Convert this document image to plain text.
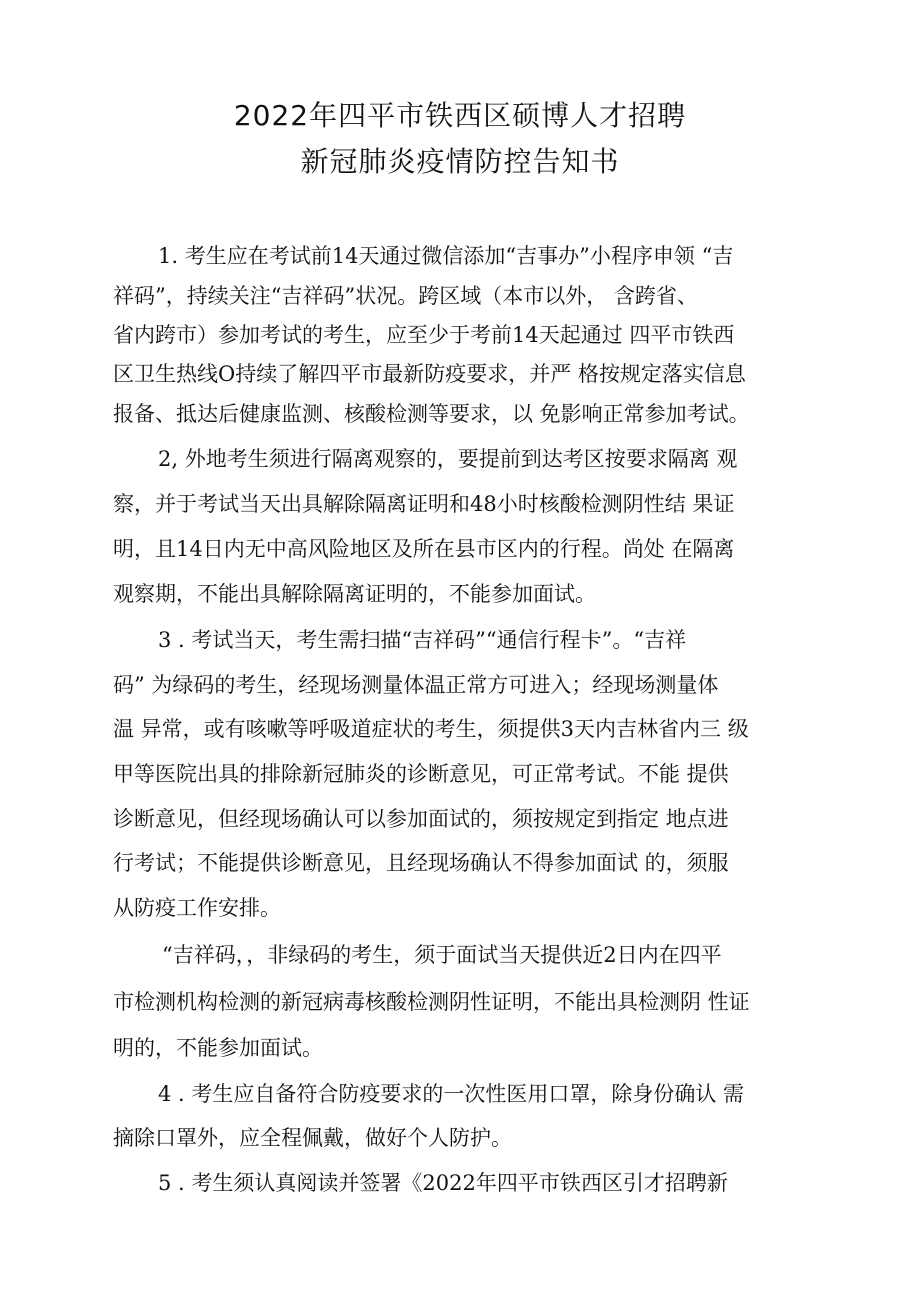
2022年四平市铁西区硕博人才招聘
新冠肺炎疫情防控告知书
1. 考生应在考试前14天通过微信添加“吉事办”小程序申领 “吉
祥码”，持续关注“吉祥码”状况。跨区域（本市以外， 含跨省、
省内跨市）参加考试的考生，应至少于考前14天起通过 四平市铁西
区卫生热线O持续了解四平市最新防疫要求，并严 格按规定落实信息
报备、抵达后健康监测、核酸检测等要求，以 免影响正常参加考试。
2, 外地考生须进行隔离观察的，要提前到达考区按要求隔离 观
察，并于考试当天出具解除隔离证明和48小时核酸检测阴性结 果证
明，且14日内无中高风险地区及所在县市区内的行程。尚处 在隔离
观察期，不能出具解除隔离证明的，不能参加面试。
3 . 考试当天，考生需扫描“吉祥码”“通信行程卡”。“吉祥
码” 为绿码的考生，经现场测量体温正常方可进入；经现场测量体
温 异常，或有咳嗽等呼吸道症状的考生，须提供3天内吉林省内三 级
甲等医院出具的排除新冠肺炎的诊断意见，可正常考试。不能 提供
诊断意见，但经现场确认可以参加面试的，须按规定到指定 地点进
行考试；不能提供诊断意见，且经现场确认不得参加面试 的，须服
从防疫工作安排。
“吉祥码，，非绿码的考生，须于面试当天提供近2日内在四平
市检测机构检测的新冠病毒核酸检测阴性证明，不能出具检测阴 性证
明的，不能参加面试。
4 . 考生应自备符合防疫要求的一次性医用口罩，除身份确认 需
摘除口罩外，应全程佩戴，做好个人防护。
5 . 考生须认真阅读并签署《2022年四平市铁西区引才招聘新
